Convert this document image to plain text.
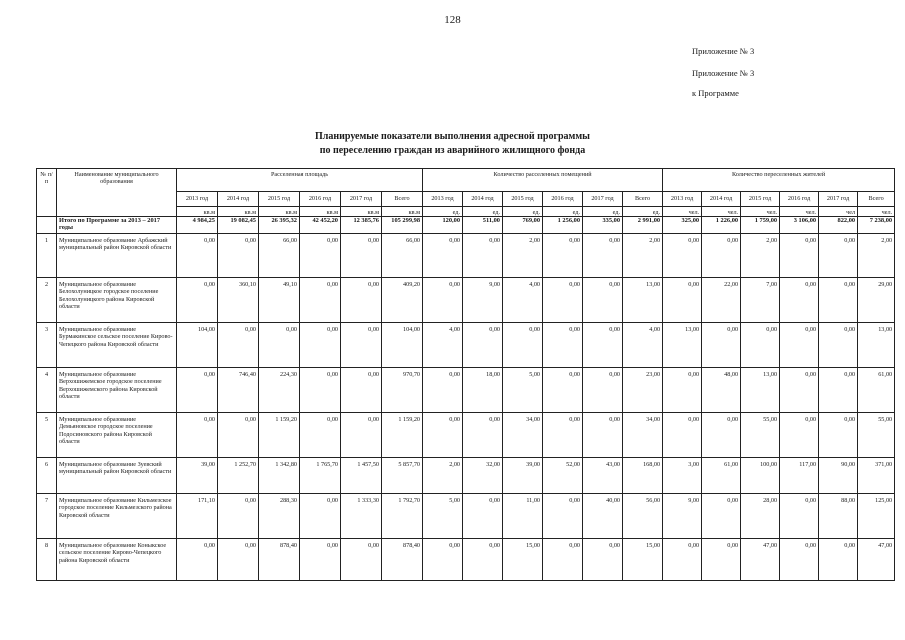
128
Приложение № 3
Приложение № 3
к Программе
Планируемые показатели выполнения адресной программы
по переселению граждан из аварийного жилищного фонда
№ п/п	Наименование муниципального образования	Расселенная площадь						Количество расселенных помещений						Количество переселенных жителей					
		2013 год	2014 год	2015 год	2016 год	2017 год	Всего	2013 год	2014 год	2015 год	2016 год	2017 год	Всего	2013 год	2014 год	2015 год	2016 год	2017 год	Всего
		кв.м	кв.м	кв.м	кв.м	кв.м	кв.м	ед.	ед.	ед.	ед.	ед.	ед.	чел.	чел.	чел.	чел.	чел	чел.
	Итого по Программе за 2013 – 2017 годы	4 984,25	19 082,45	26 395,32	42 452,20	12 385,76	105 299,98	120,00	511,00	769,00	1 256,00	335,00	2 991,00	325,00	1 226,00	1 759,00	3 106,00	822,00	7 238,00
1	Муниципальное образование Арбажский муниципальный район Кировской области	0,00	0,00	66,00	0,00	0,00	66,00	0,00	0,00	2,00	0,00	0,00	2,00	0,00	0,00	2,00	0,00	0,00	2,00
2	Муниципальное образование Белохолуницкое городское поселение Белохолуницкого района Кировской области	0,00	360,10	49,10	0,00	0,00	409,20	0,00	9,00	4,00	0,00	0,00	13,00	0,00	22,00	7,00	0,00	0,00	29,00
3	Муниципальное образование Бурмакинское сельское поселение Кирово-Чепецкого района Кировской области	104,00	0,00	0,00	0,00	0,00	104,00	4,00	0,00	0,00	0,00	0,00	4,00	13,00	0,00	0,00	0,00	0,00	13,00
4	Муниципальное образование Верхошижемское городское поселение Верхошижемского района Кировской области	0,00	746,40	224,30	0,00	0,00	970,70	0,00	18,00	5,00	0,00	0,00	23,00	0,00	48,00	13,00	0,00	0,00	61,00
5	Муниципальное образование Демьяновское городское поселение Подосиновского района Кировской области	0,00	0,00	1 159,20	0,00	0,00	1 159,20	0,00	0,00	34,00	0,00	0,00	34,00	0,00	0,00	55,00	0,00	0,00	55,00
6	Муниципальное образование Зуевский муниципальный район Кировской области	39,00	1 252,70	1 342,80	1 765,70	1 457,50	5 857,70	2,00	32,00	39,00	52,00	43,00	168,00	3,00	61,00	100,00	117,00	90,00	371,00
7	Муниципальное образование Кильмезское городское поселение Кильмезского района Кировской области	171,10	0,00	288,30	0,00	1 333,30	1 792,70	5,00	0,00	11,00	0,00	40,00	56,00	9,00	0,00	28,00	0,00	88,00	125,00
8	Муниципальное образование Коныкское сельское поселение Кирово-Чепецкого района Кировской области	0,00	0,00	878,40	0,00	0,00	878,40	0,00	0,00	15,00	0,00	0,00	15,00	0,00	0,00	47,00	0,00	0,00	47,00
